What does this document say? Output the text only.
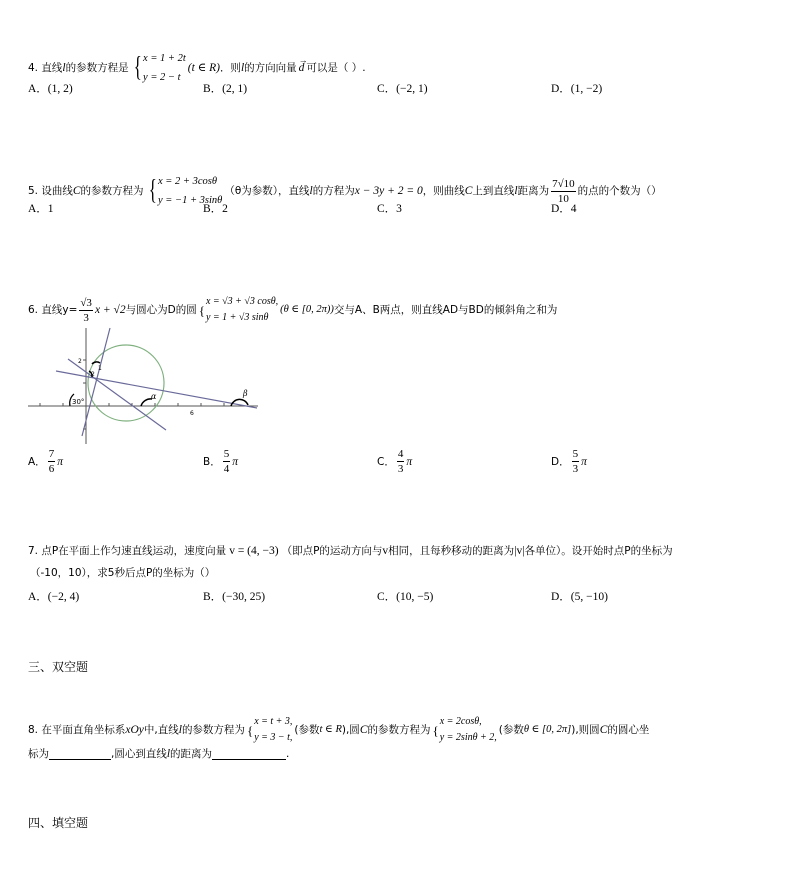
4.
直线 l 的参数方程是 { x = 1 + 2t
y = 2 − t
(t ∈ R) ．则 l 的方向向量
→
d 可以是（ ）.
A．(1, 2)	B．(2, 1)	C．(−2, 1)	D．(1, −2)
5.
设曲线 C 的参数方程为 { x = 2 + 3cosθ
y = −1 + 3sinθ
（θ为参数），直线 l 的方程为 x − 3y + 2 = 0 ，则曲线 C 上到直线 l 距离为 $\frac{7√10}{10}$ 的点的个数为（）
A．1	B．2	C．3	D．4
6.
直线$y= \frac{√3}{3}$ x + √2 与圆心为D的圆 {
x = √3 + √3 cosθ,
y = 1 + √3 sinθ
(θ ∈ [0, 2π)) 交与A、B两点，则直线AD与BD的倾斜角之和为
2
1
2
6
30°
α	β
A． $\frac{7}{6}$ π	B． $\frac{5}{4}$ π	C． $\frac{4}{3}$ π	D． $\frac{5}{3}$ π
7. 点P在平面上作匀速直线运动，速度向量 v = (4, −3) （即点P的运动方向与 v 相同，且每秒移动的距离为 |v| 各单位）。设开始时点P的坐标为
（-10，10），求5秒后点P的坐标为（）
A．(−2, 4)	B．(−30, 25)	C．(10, −5)	D．(5, −10)
三、双空题
8.
在平面直角坐标系 xOy 中,直线 l 的参数方程为 {
x = t + 3,
y = 3 − t,
(参数 t ∈ R ),圆 C 的参数方程为 {
x = 2cosθ,
y = 2sinθ + 2,
(参数 θ ∈ [0, 2π] ),则圆 C 的圆心坐
标为	,圆心到直线 l 的距离为	.
四、填空题
